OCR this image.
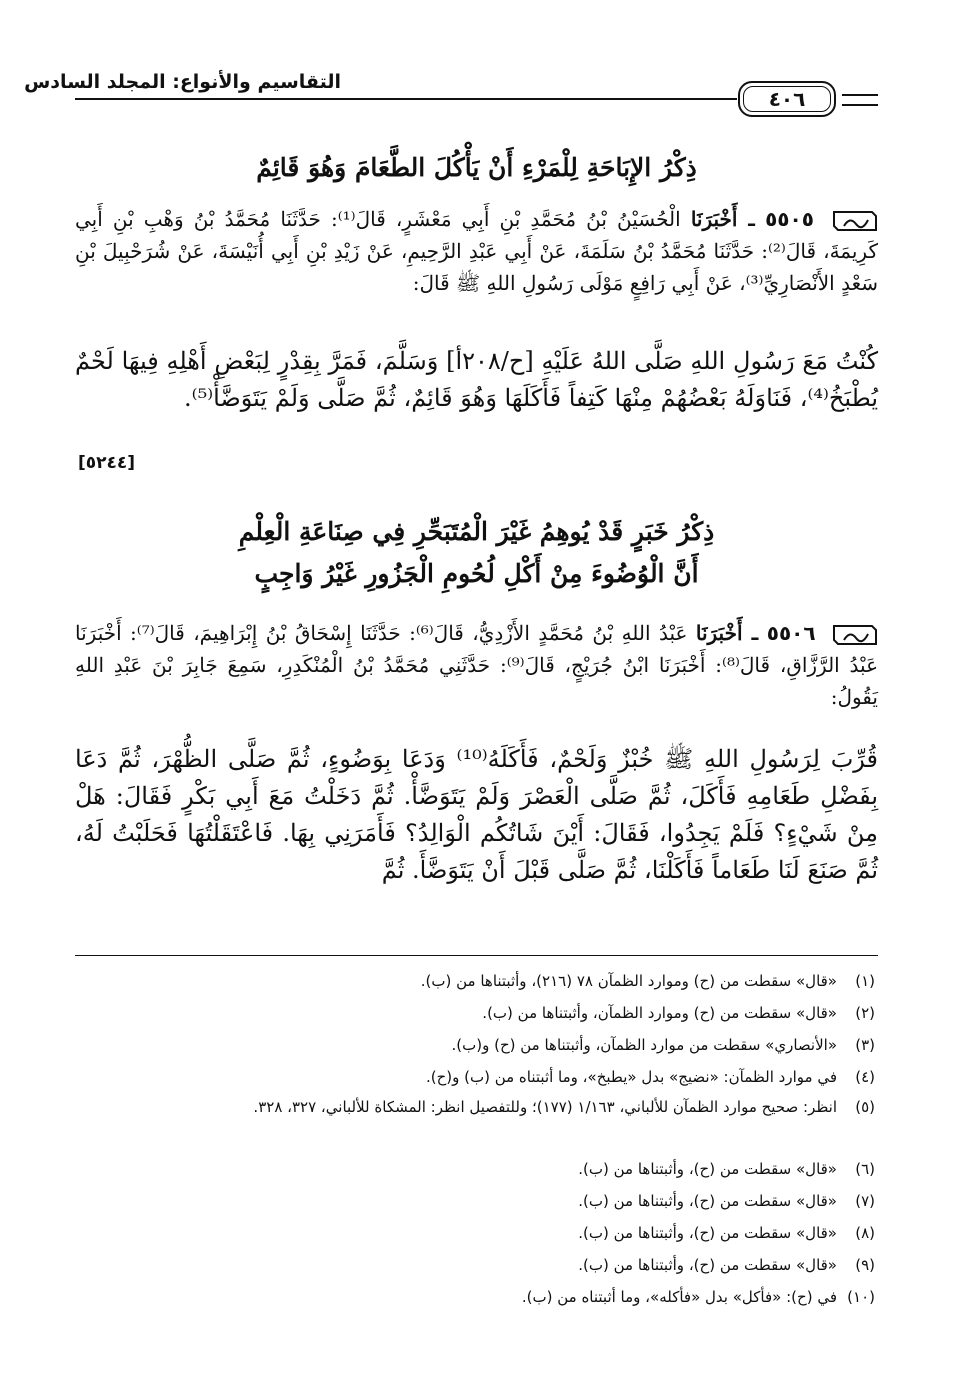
التقاسيم والأنواع: المجلد السادس
٤٠٦
ذِكْرُ الإِبَاحَةِ لِلْمَرْءِ أَنْ يَأْكُلَ الطَّعَامَ وَهُوَ قَائِمٌ
٥٥٠٥ ـ أَخْبَرَنَا الْحُسَيْنُ بْنُ مُحَمَّدِ بْنِ أَبِي مَعْشَرٍ، قَالَ⁽¹⁾: حَدَّثَنَا مُحَمَّدُ بْنُ وَهْبِ بْنِ أَبِي كَرِيمَةَ، قَالَ⁽²⁾: حَدَّثَنَا مُحَمَّدُ بْنُ سَلَمَةَ، عَنْ أَبِي عَبْدِ الرَّحِيمِ، عَنْ زَيْدِ بْنِ أَبِي أُنَيْسَةَ، عَنْ شُرَحْبِيلَ بْنِ سَعْدٍ الأَنْصَارِيِّ⁽³⁾، عَنْ أَبِي رَافِعٍ مَوْلَى رَسُولِ اللهِ ﷺ قَالَ:
كُنْتُ مَعَ رَسُولِ اللهِ صَلَّى اللهُ عَلَيْهِ [ح/٢٠٨أ] وَسَلَّمَ، فَمَرَّ بِقِدْرٍ لِبَعْضِ أَهْلِهِ فِيهَا لَحْمٌ يُطْبَخُ⁽⁴⁾، فَنَاوَلَهُ بَعْضُهُمْ مِنْهَا كَتِفاً فَأَكَلَهَا وَهُوَ قَائِمٌ، ثُمَّ صَلَّى وَلَمْ يَتَوَضَّأْ⁽⁵⁾.
[٥٢٤٤]
ذِكْرُ خَبَرٍ قَدْ يُوهِمُ غَيْرَ الْمُتَبَحِّرِ فِي صِنَاعَةِ الْعِلْمِ
أَنَّ الْوُضُوءَ مِنْ أَكْلِ لُحُومِ الْجَزُورِ غَيْرُ وَاجِبٍ
٥٥٠٦ ـ أَخْبَرَنَا عَبْدُ اللهِ بْنُ مُحَمَّدٍ الأَزْدِيُّ، قَالَ⁽⁶⁾: حَدَّثَنَا إِسْحَاقُ بْنُ إِبْرَاهِيمَ، قَالَ⁽⁷⁾: أَخْبَرَنَا عَبْدُ الرَّزَّاقِ، قَالَ⁽⁸⁾: أَخْبَرَنَا ابْنُ جُرَيْجٍ، قَالَ⁽⁹⁾: حَدَّثَنِي مُحَمَّدُ بْنُ الْمُنْكَدِرِ، سَمِعَ جَابِرَ بْنَ عَبْدِ اللهِ يَقُولُ:
قُرِّبَ لِرَسُولِ اللهِ ﷺ خُبْزٌ وَلَحْمٌ، فَأَكَلَهُ⁽¹⁰⁾ وَدَعَا بِوَضُوءٍ، ثُمَّ صَلَّى الظُّهْرَ، ثُمَّ دَعَا بِفَضْلِ طَعَامِهِ فَأَكَلَ، ثُمَّ صَلَّى الْعَصْرَ وَلَمْ يَتَوَضَّأْ. ثُمَّ دَخَلْتُ مَعَ أَبِي بَكْرٍ فَقَالَ: هَلْ مِنْ شَيْءٍ؟ فَلَمْ يَجِدُوا، فَقَالَ: أَيْنَ شَاتُكُم الْوَالِدُ؟ فَأَمَرَنِي بِهَا. فَاعْتَقَلْتُهَا فَحَلَبْتُ لَهُ، ثُمَّ صَنَعَ لَنَا طَعَاماً فَأَكَلْنَا، ثُمَّ صَلَّى قَبْلَ أَنْ يَتَوَضَّأَ. ثُمَّ
(١)«قال» سقطت من (ح) وموارد الظمآن ٧٨ (٢١٦)، وأثبتناها من (ب).
(٢)«قال» سقطت من (ح) وموارد الظمآن، وأثبتناها من (ب).
(٣)«الأنصاري» سقطت من موارد الظمآن، وأثبتناها من (ح) و(ب).
(٤)في موارد الظمآن: «نضيج» بدل «يطبخ»، وما أثبتناه من (ب) و(ح).
(٥)انظر: صحيح موارد الظمآن للألباني، ١/١٦٣ (١٧٧)؛ وللتفصيل انظر: المشكاة للألباني، ٣٢٧، ٣٢٨.
(٦)«قال» سقطت من (ح)، وأثبتناها من (ب).
(٧)«قال» سقطت من (ح)، وأثبتناها من (ب).
(٨)«قال» سقطت من (ح)، وأثبتناها من (ب).
(٩)«قال» سقطت من (ح)، وأثبتناها من (ب).
(١٠)في (ح): «فأكل» بدل «فأكله»، وما أثبتناه من (ب).
